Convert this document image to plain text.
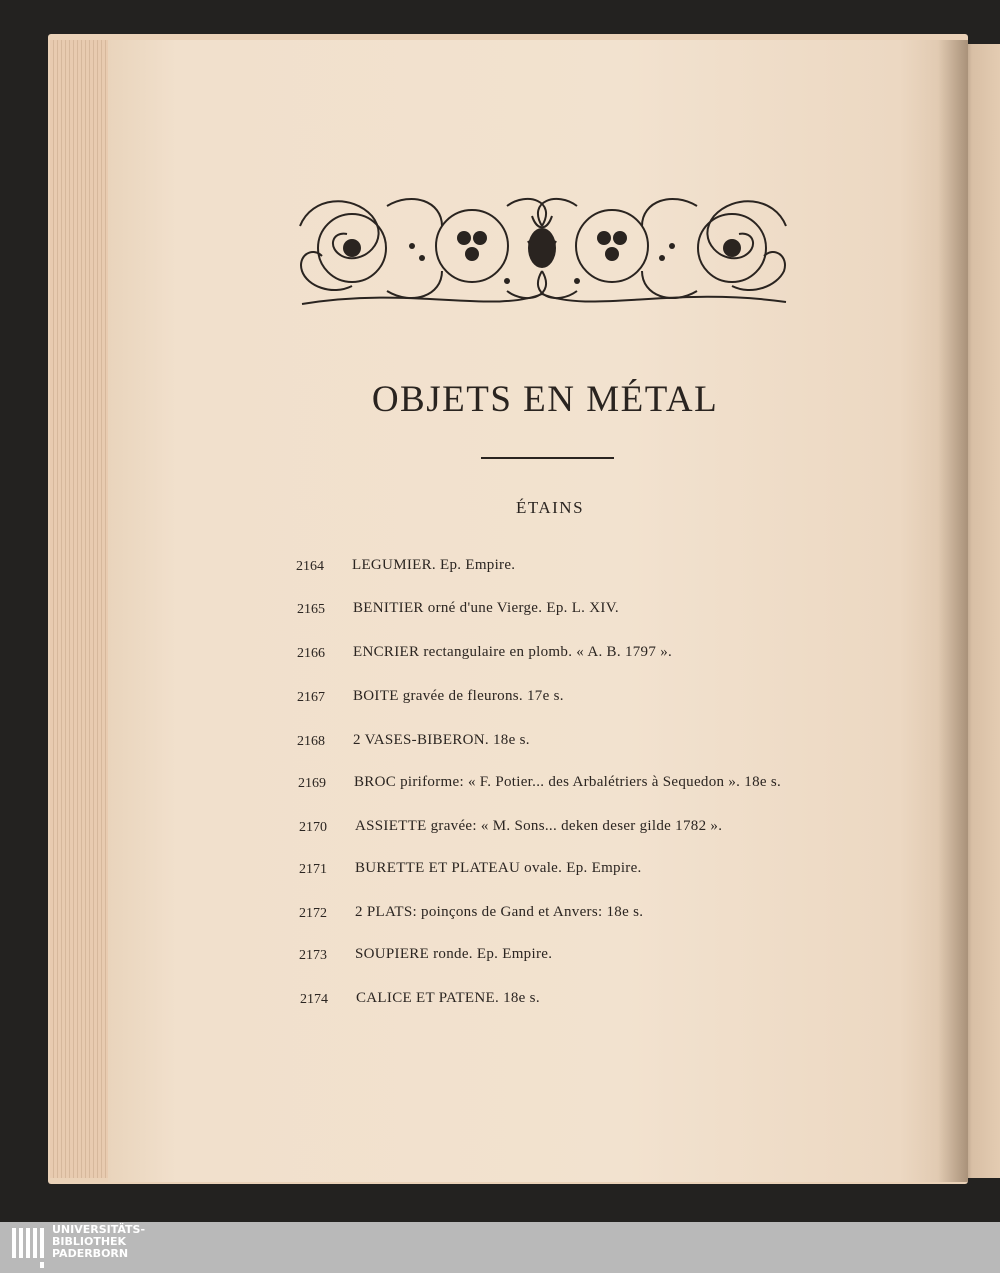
OBJETS EN MÉTAL
ÉTAINS
2164 LEGUMIER. Ep. Empire.
2165 BENITIER orné d'une Vierge. Ep. L. XIV.
2166 ENCRIER rectangulaire en plomb. « A. B. 1797 ».
2167 BOITE gravée de fleurons. 17e s.
2168 2 VASES-BIBERON. 18e s.
2169 BROC piriforme: « F. Potier... des Arbalétriers à Sequedon ». 18e s.
2170 ASSIETTE gravée: « M. Sons... deken deser gilde 1782 ».
2171 BURETTE ET PLATEAU ovale. Ep. Empire.
2172 2 PLATS: poinçons de Gand et Anvers: 18e s.
2173 SOUPIERE ronde. Ep. Empire.
2174 CALICE ET PATENE. 18e s.
UNIVERSITÄTS-
BIBLIOTHEK
PADERBORN
